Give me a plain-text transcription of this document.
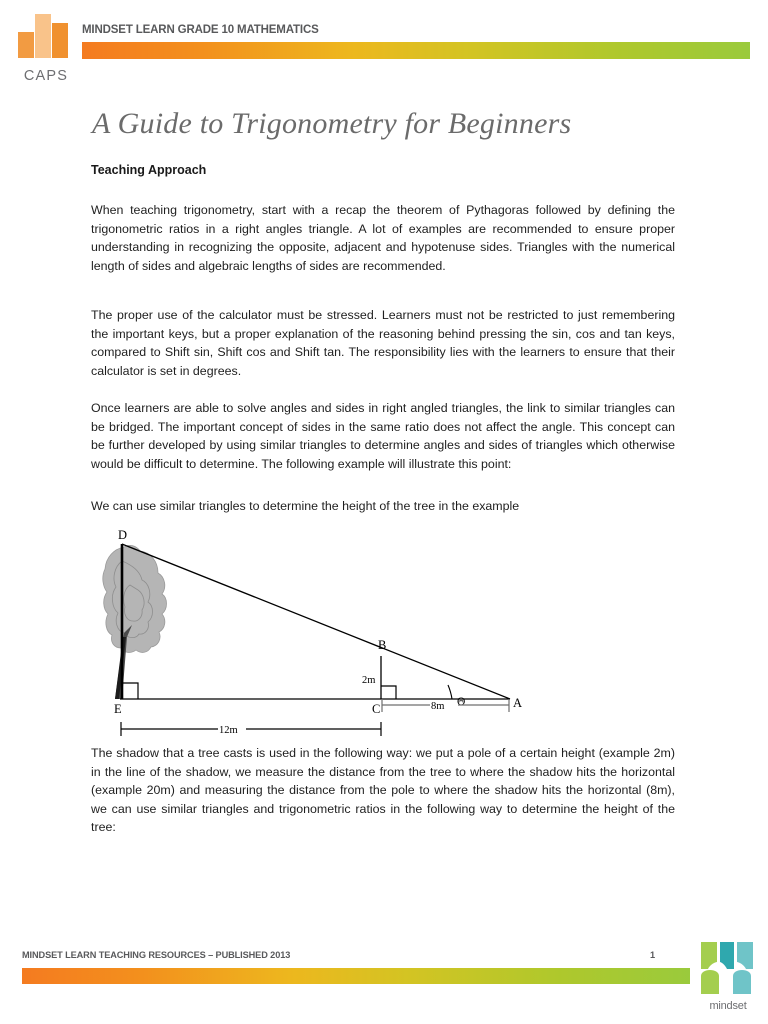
CAPS
MINDSET LEARN GRADE 10 MATHEMATICS
A Guide to Trigonometry for Beginners
Teaching Approach
When teaching trigonometry, start with a recap the theorem of Pythagoras followed by defining the trigonometric ratios in a right angles triangle. A lot of examples are recommended to ensure proper understanding in recognizing the opposite, adjacent and hypotenuse sides. Triangles with the numerical length of sides and algebraic lengths of sides are recommended.
The proper use of the calculator must be stressed. Learners must not be restricted to just remembering the important keys, but a proper explanation of the reasoning behind pressing the sin, cos and tan keys, compared to Shift sin, Shift cos and Shift tan. The responsibility lies with the learners to ensure that their calculator is set in degrees.
Once learners are able to solve angles and sides in right angled triangles, the link to similar triangles can be bridged. The important concept of sides in the same ratio does not affect the angle. This concept can be further developed by using similar triangles to determine angles and sides of triangles which otherwise would be difficult to determine. The following example will illustrate this point:
We can use similar triangles to determine the height of the tree in the example
D
E
B
C	A
Θ
2m
8m
12m
The shadow that a tree casts is used in the following way: we put a pole of a certain height (example 2m) in the line of the shadow, we measure the distance from the tree to where the shadow hits the horizontal (example 20m) and measuring the distance from the pole to where the shadow hits the horizontal (8m), we can use similar triangles and trigonometric ratios in the following way to determine the height of the tree:
MINDSET LEARN TEACHING RESOURCES – PUBLISHED 2013	1
mindset
